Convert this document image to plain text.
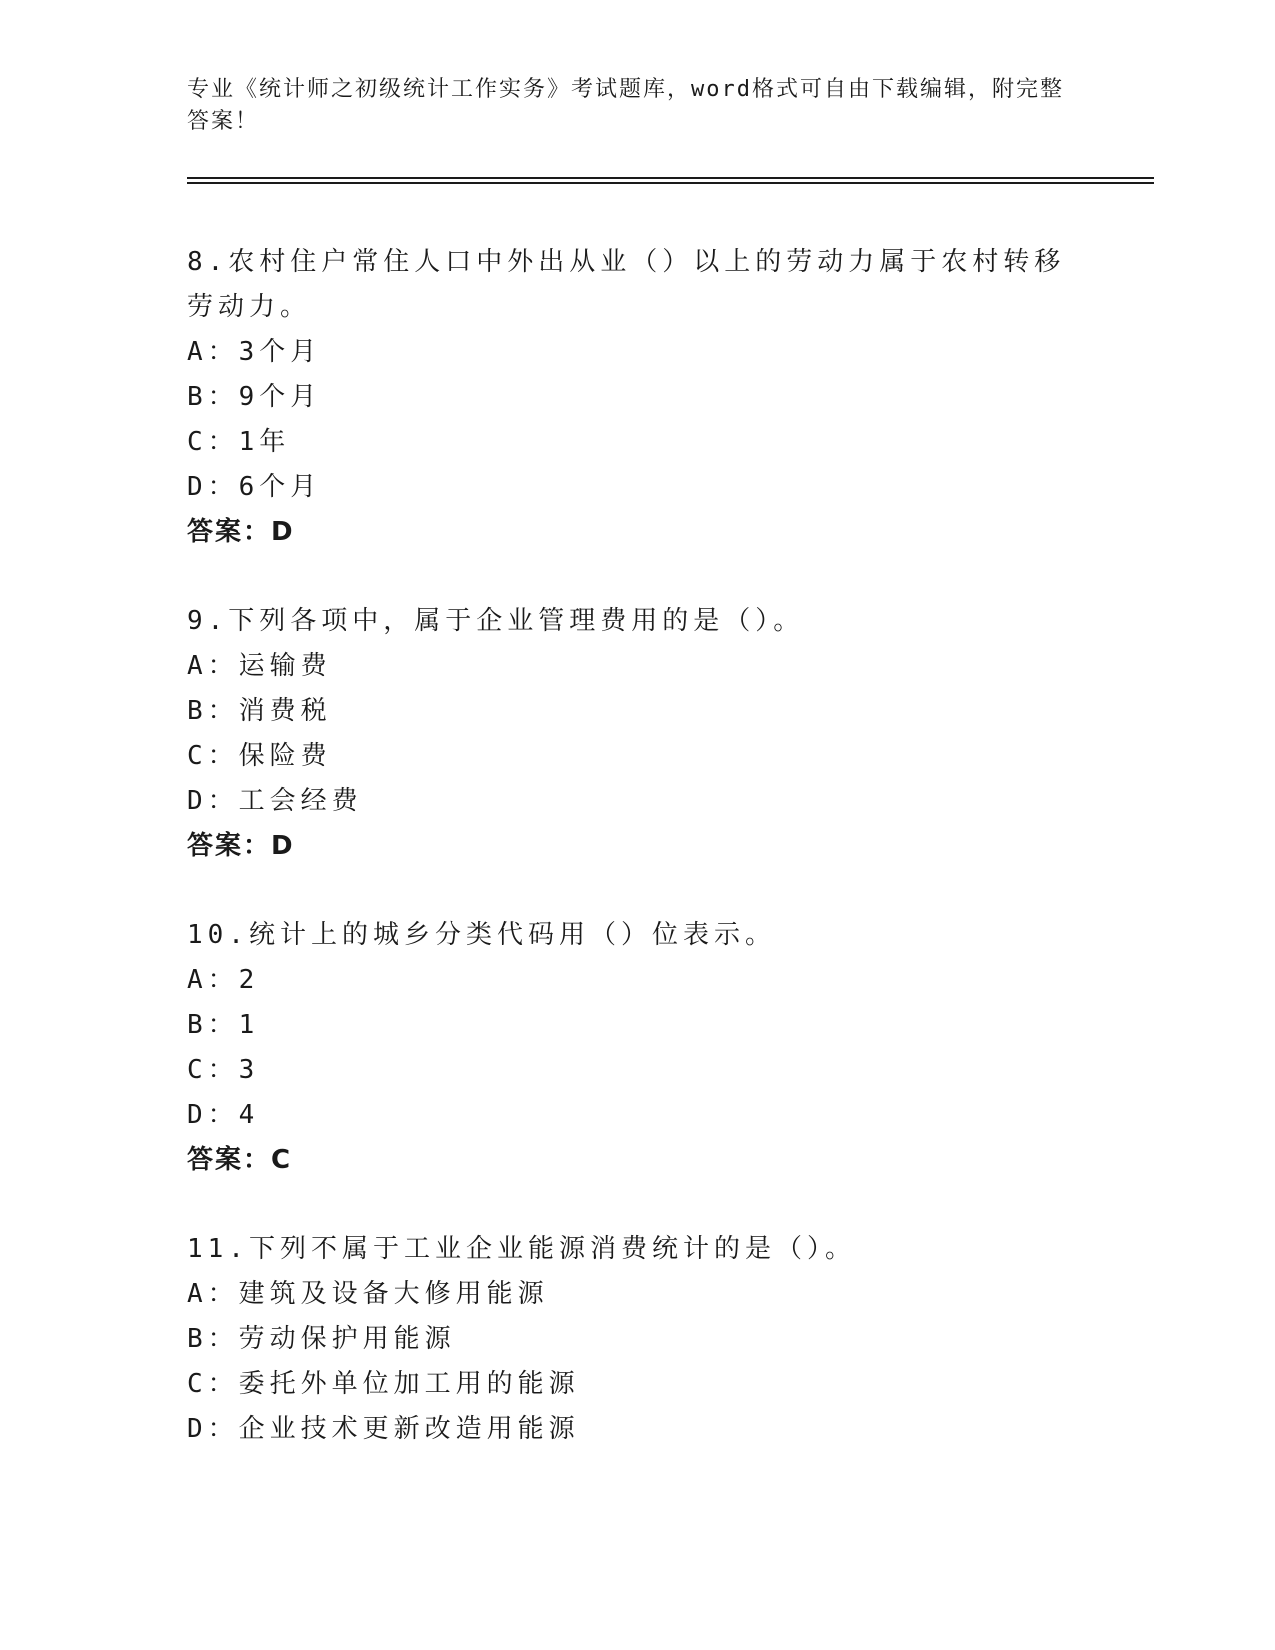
专业《统计师之初级统计工作实务》考试题库，word格式可自由下载编辑，附完整答案！
8.农村住户常住人口中外出从业（）以上的劳动力属于农村转移劳动力。
A：3个月
B：9个月
C：1年
D：6个月
答案：D
9.下列各项中，属于企业管理费用的是（）。
A：运输费
B：消费税
C：保险费
D：工会经费
答案：D
10.统计上的城乡分类代码用（）位表示。
A：2
B：1
C：3
D：4
答案：C
11.下列不属于工业企业能源消费统计的是（）。
A：建筑及设备大修用能源
B：劳动保护用能源
C：委托外单位加工用的能源
D：企业技术更新改造用能源
